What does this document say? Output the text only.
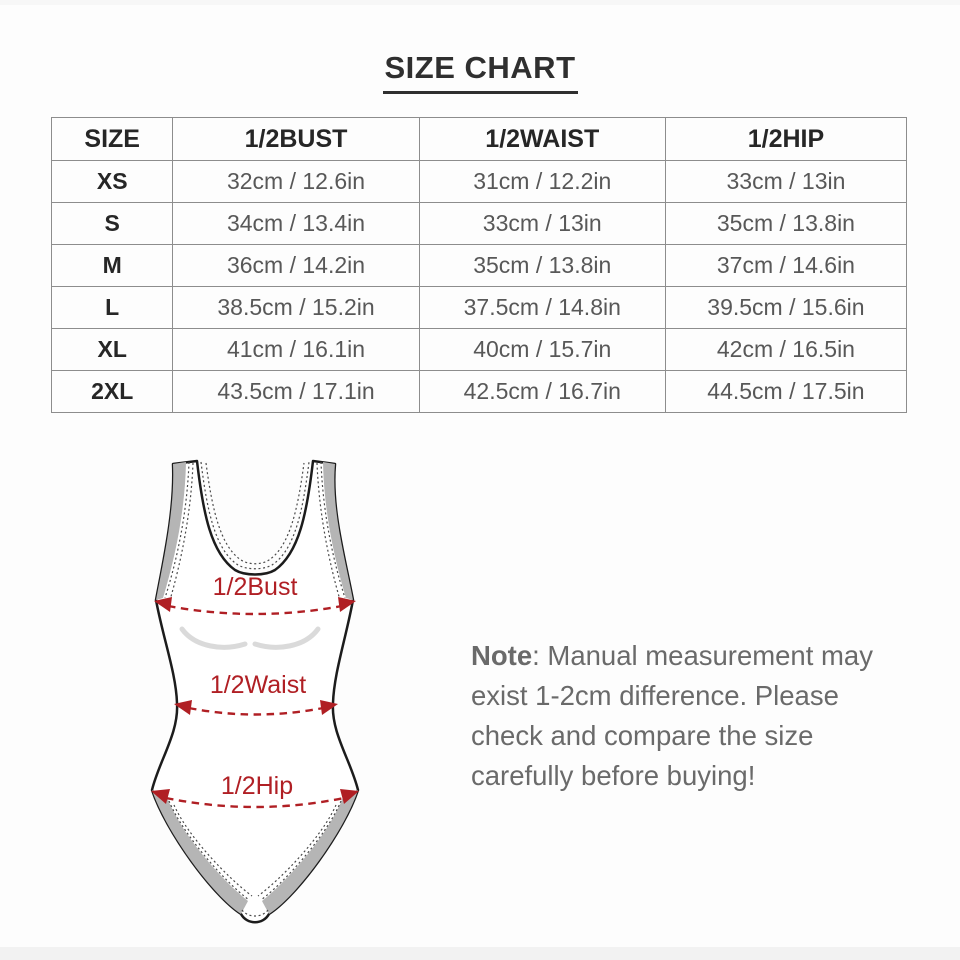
SIZE CHART
SIZE	1/2BUST	1/2WAIST	1/2HIP
XS	32cm / 12.6in	31cm / 12.2in	33cm / 13in
S	34cm / 13.4in	33cm / 13in	35cm / 13.8in
M	36cm / 14.2in	35cm / 13.8in	37cm / 14.6in
L	38.5cm / 15.2in	37.5cm / 14.8in	39.5cm / 15.6in
XL	41cm / 16.1in	40cm / 15.7in	42cm / 16.5in
2XL	43.5cm / 17.1in	42.5cm / 16.7in	44.5cm / 17.5in
1/2Bust
1/2Waist
1/2Hip
Note: Manual measurement may exist 1-2cm difference. Please check and compare the size carefully before buying!
